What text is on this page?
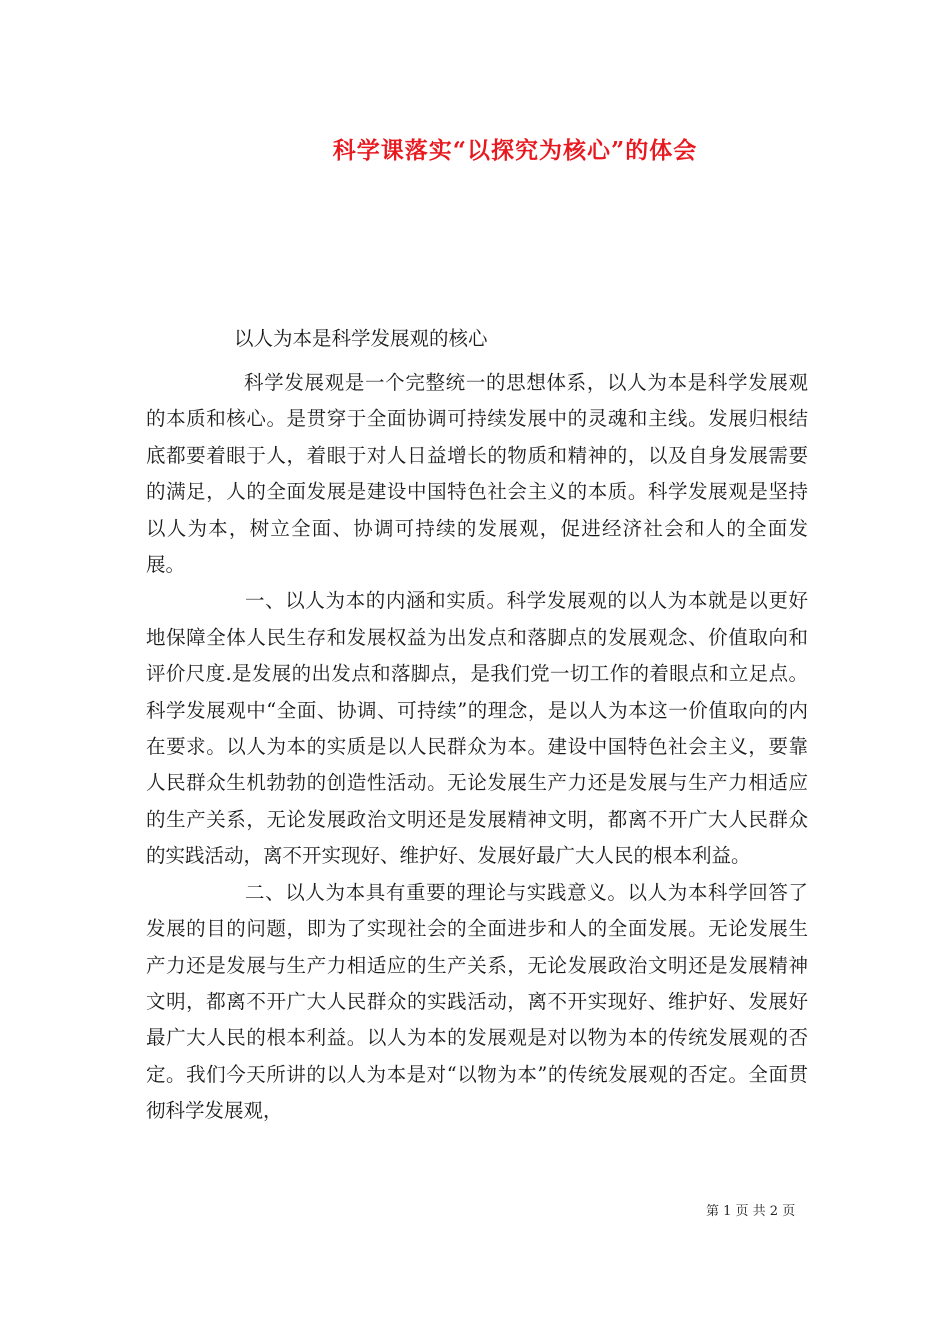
科学课落实“以探究为核心”的体会
以人为本是科学发展观的核心

科学发展观是一个完整统一的思想体系，以人为本是科学发展观的本质和核心。是贯穿于全面协调可持续发展中的灵魂和主线。发展归根结底都要着眼于人，着眼于对人日益增长的物质和精神的，以及自身发展需要的满足，人的全面发展是建设中国特色社会主义的本质。科学发展观是坚持以人为本，树立全面、协调可持续的发展观，促进经济社会和人的全面发展。

一、以人为本的内涵和实质。科学发展观的以人为本就是以更好地保障全体人民生存和发展权益为出发点和落脚点的发展观念、价值取向和评价尺度.是发展的出发点和落脚点，是我们党一切工作的着眼点和立足点。科学发展观中“全面、协调、可持续”的理念，是以人为本这一价值取向的内在要求。以人为本的实质是以人民群众为本。建设中国特色社会主义，要靠人民群众生机勃勃的创造性活动。无论发展生产力还是发展与生产力相适应的生产关系，无论发展政治文明还是发展精神文明，都离不开广大人民群众的实践活动，离不开实现好、维护好、发展好最广大人民的根本利益。

二、以人为本具有重要的理论与实践意义。以人为本科学回答了发展的目的问题，即为了实现社会的全面进步和人的全面发展。无论发展生产力还是发展与生产力相适应的生产关系，无论发展政治文明还是发展精神文明，都离不开广大人民群众的实践活动，离不开实现好、维护好、发展好最广大人民的根本利益。以人为本的发展观是对以物为本的传统发展观的否定。我们今天所讲的以人为本是对“以物为本”的传统发展观的否定。全面贯彻科学发展观，

第 1 页 共 2 页
